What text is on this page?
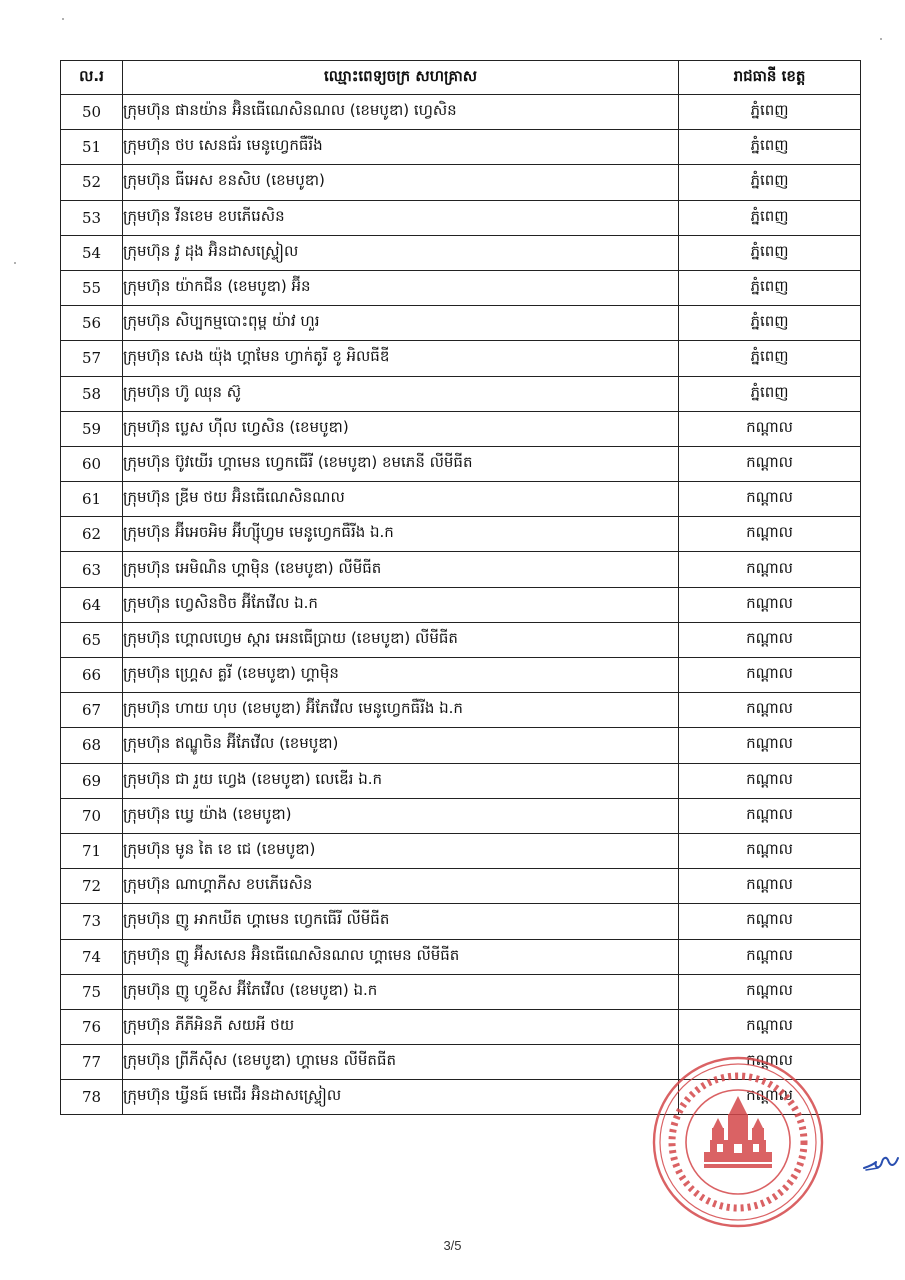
ល.រ	ឈ្មោះពេទ្យចក្រ សហគ្រាស	រាជធានី ខេត្ត
50	ក្រុមហ៊ុន ផានយ៉ាន អ៊ិនធើណេសិនណល (ខេមបូឌា) ហ្វេសិន	ភ្នំពេញ
51	ក្រុមហ៊ុន ថប សេនធ័រ មេនូហ្វេកធឺរីង	ភ្នំពេញ
52	ក្រុមហ៊ុន ធីអេស ខនសិប (ខេមបូឌា)	ភ្នំពេញ
53	ក្រុមហ៊ុន វីនខេម ខបភើរេសិន	ភ្នំពេញ
54	ក្រុមហ៊ុន វូ ដុង អ៊ិនដាសស្ទ្រៀល	ភ្នំពេញ
55	ក្រុមហ៊ុន យ៉ាកជីន (ខេមបូឌា) អ៊ីន	ភ្នំពេញ
56	ក្រុមហ៊ុន សិប្បកម្មបោះពុម្ព យ៉ាវ ហួរ	ភ្នំពេញ
57	ក្រុមហ៊ុន សេង យ៉ុង ហ្គាមែន ហ្វាក់តូរី ខូ អិលធីឌី	ភ្នំពេញ
58	ក្រុមហ៊ុន ហ៊ូ ឈុន ស៊ូ	ភ្នំពេញ
59	ក្រុមហ៊ុន ប្លេស ហ៊ីល ហ្វេសិន (ខេមបូឌា)	កណ្ដាល
60	ក្រុមហ៊ុន ប៊ូវយើរ ហ្គាមេន ហ្វេកធើរី (ខេមបូឌា) ខមភេនី លីមីធីត	កណ្ដាល
61	ក្រុមហ៊ុន ឌ្រីម ថយ អ៊ិនធើណេសិនណល	កណ្ដាល
62	ក្រុមហ៊ុន អ៊ីអេចអិម អ៊ីហ្ស៊ីហ្វម មេនូហ្វេកធឺរីង ឯ.ក	កណ្ដាល
63	ក្រុមហ៊ុន អេមិណិន ហ្គាម៉ិន (ខេមបូឌា) លីមីធីត	កណ្ដាល
64	ក្រុមហ៊ុន ហ្វេសិនថិច អ៊ីភែវើល ឯ.ក	កណ្ដាល
65	ក្រុមហ៊ុន ហ្គោលហ្វេម ស្ការ អេនធើប្រាយ (ខេមបូឌា) លីមីធីត	កណ្ដាល
66	ក្រុមហ៊ុន ហ្គ្រេស គ្លរី (ខេមបូឌា) ហ្គាម៉ិន	កណ្ដាល
67	ក្រុមហ៊ុន ហាយ ហុប (ខេមបូឌា) អ៊ីភែវើល មេនូហ្វេកធឺរីង ឯ.ក	កណ្ដាល
68	ក្រុមហ៊ុន ឥណ្ឌូចិន អ៊ីភែវើល (ខេមបូឌា)	កណ្ដាល
69	ក្រុមហ៊ុន ជា រួយ ហ្វេង (ខេមបូឌា) លេឌើរ ឯ.ក	កណ្ដាល
70	ក្រុមហ៊ុន ឃ្វេ យ៉ាង (ខេមបូឌា)	កណ្ដាល
71	ក្រុមហ៊ុន មូន តៃ ខេ ជេ (ខេមបូឌា)	កណ្ដាល
72	ក្រុមហ៊ុន ណាហ្គាភីស ខបភើរេសិន	កណ្ដាល
73	ក្រុមហ៊ុន ញូ អាកឃីត ហ្គាមេន ហ្វេកធើរី លីមីធីត	កណ្ដាល
74	ក្រុមហ៊ុន ញូ អ៊ីសសេន អ៊ិនធើណេសិនណល ហ្គាមេន លីមីធីត	កណ្ដាល
75	ក្រុមហ៊ុន ញូ ហ្វូខីស អ៊ីភែវើល (ខេមបូឌា) ឯ.ក	កណ្ដាល
76	ក្រុមហ៊ុន ភីភីអិនភី សយអី ថយ	កណ្ដាល
77	ក្រុមហ៊ុន ព្រីភីស៊ីស (ខេមបូឌា) ហ្គាមេន លីមីតធីត	កណ្ដាល
78	ក្រុមហ៊ុន ឃ្វីនធ៍ មេជើរ អ៊ិនដាសស្ទ្រៀល	កណ្ដាល
3/5
